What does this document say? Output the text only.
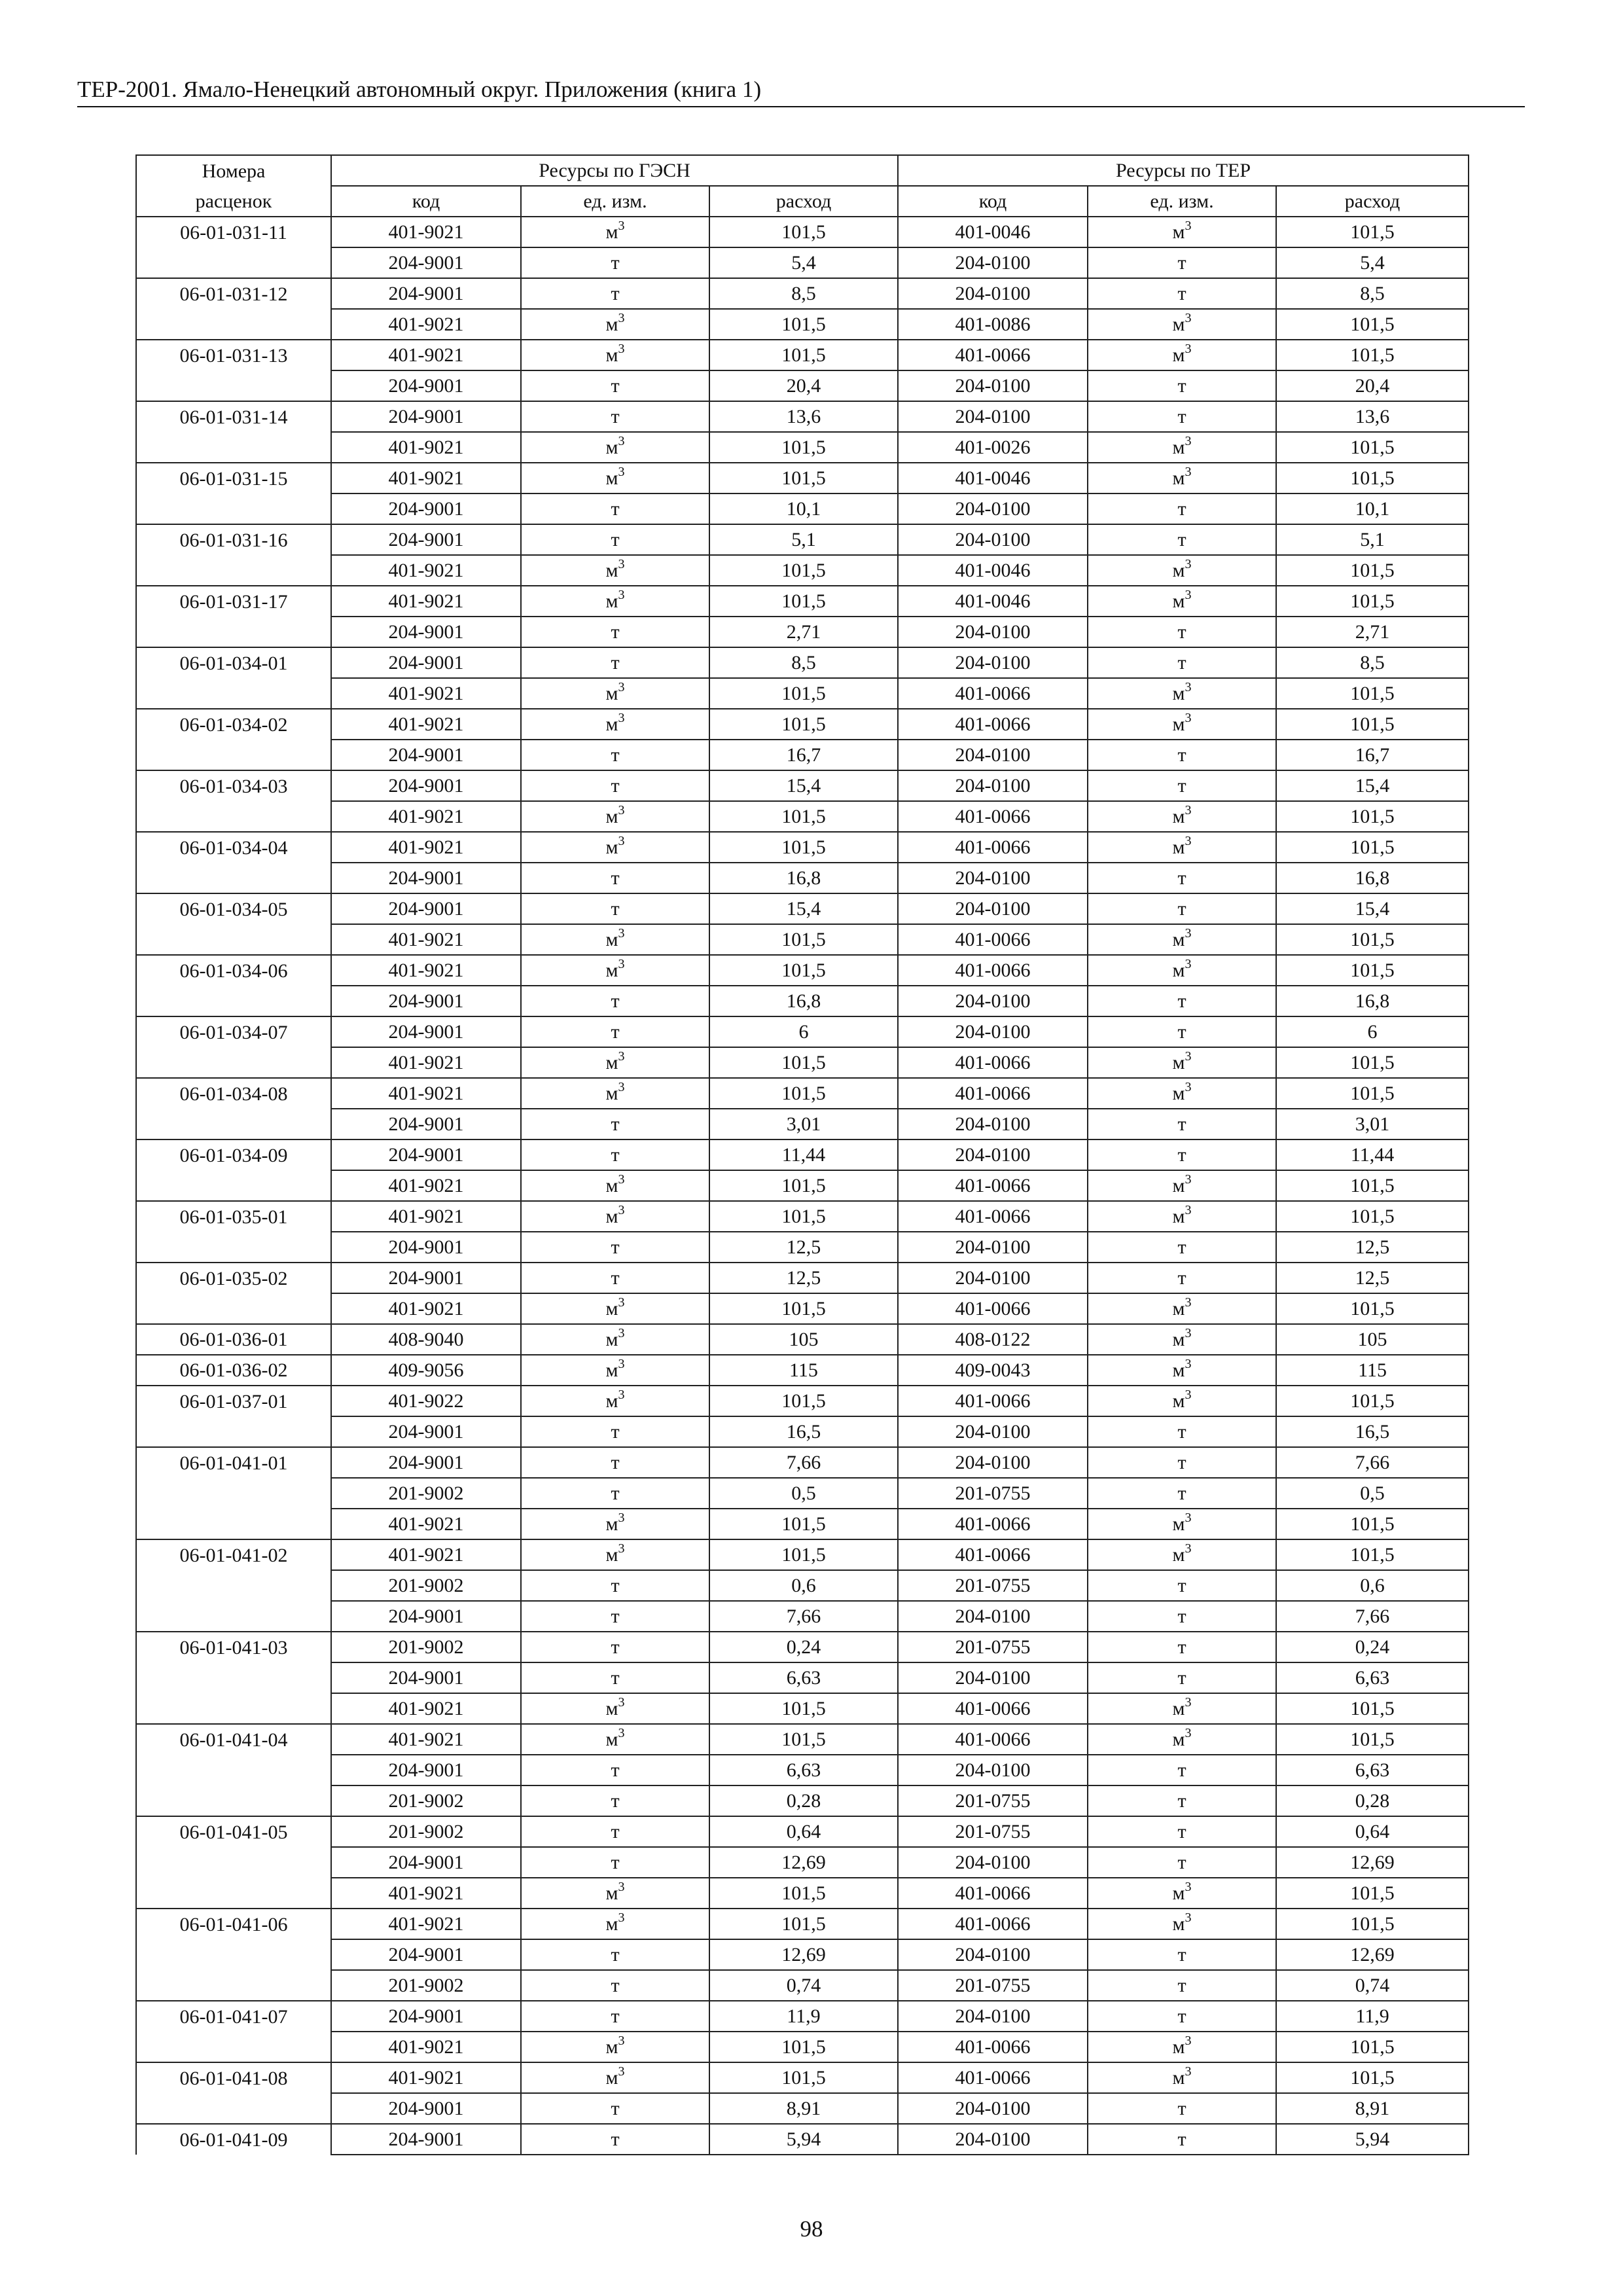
ТЕР-2001. Ямало-Ненецкий автономный округ. Приложения (книга 1)
Номера	Ресурсы по ГЭСН			Ресурсы по ТЕР		
расценок	код	ед. изм.	расход	код	ед. изм.	расход
06-01-031-11	401-9021	$м^3$	101,5	401-0046	$м^3$	101,5
	204-9001	т	5,4	204-0100	т	5,4
06-01-031-12	204-9001	т	8,5	204-0100	т	8,5
	401-9021	$м^3$	101,5	401-0086	$м^3$	101,5
06-01-031-13	401-9021	$м^3$	101,5	401-0066	$м^3$	101,5
	204-9001	т	20,4	204-0100	т	20,4
06-01-031-14	204-9001	т	13,6	204-0100	т	13,6
	401-9021	$м^3$	101,5	401-0026	$м^3$	101,5
06-01-031-15	401-9021	$м^3$	101,5	401-0046	$м^3$	101,5
	204-9001	т	10,1	204-0100	т	10,1
06-01-031-16	204-9001	т	5,1	204-0100	т	5,1
	401-9021	$м^3$	101,5	401-0046	$м^3$	101,5
06-01-031-17	401-9021	$м^3$	101,5	401-0046	$м^3$	101,5
	204-9001	т	2,71	204-0100	т	2,71
06-01-034-01	204-9001	т	8,5	204-0100	т	8,5
	401-9021	$м^3$	101,5	401-0066	$м^3$	101,5
06-01-034-02	401-9021	$м^3$	101,5	401-0066	$м^3$	101,5
	204-9001	т	16,7	204-0100	т	16,7
06-01-034-03	204-9001	т	15,4	204-0100	т	15,4
	401-9021	$м^3$	101,5	401-0066	$м^3$	101,5
06-01-034-04	401-9021	$м^3$	101,5	401-0066	$м^3$	101,5
	204-9001	т	16,8	204-0100	т	16,8
06-01-034-05	204-9001	т	15,4	204-0100	т	15,4
	401-9021	$м^3$	101,5	401-0066	$м^3$	101,5
06-01-034-06	401-9021	$м^3$	101,5	401-0066	$м^3$	101,5
	204-9001	т	16,8	204-0100	т	16,8
06-01-034-07	204-9001	т	6	204-0100	т	6
	401-9021	$м^3$	101,5	401-0066	$м^3$	101,5
06-01-034-08	401-9021	$м^3$	101,5	401-0066	$м^3$	101,5
	204-9001	т	3,01	204-0100	т	3,01
06-01-034-09	204-9001	т	11,44	204-0100	т	11,44
	401-9021	$м^3$	101,5	401-0066	$м^3$	101,5
06-01-035-01	401-9021	$м^3$	101,5	401-0066	$м^3$	101,5
	204-9001	т	12,5	204-0100	т	12,5
06-01-035-02	204-9001	т	12,5	204-0100	т	12,5
	401-9021	$м^3$	101,5	401-0066	$м^3$	101,5
06-01-036-01	408-9040	$м^3$	105	408-0122	$м^3$	105
06-01-036-02	409-9056	$м^3$	115	409-0043	$м^3$	115
06-01-037-01	401-9022	$м^3$	101,5	401-0066	$м^3$	101,5
	204-9001	т	16,5	204-0100	т	16,5
06-01-041-01	204-9001	т	7,66	204-0100	т	7,66
	201-9002	т	0,5	201-0755	т	0,5
	401-9021	$м^3$	101,5	401-0066	$м^3$	101,5
06-01-041-02	401-9021	$м^3$	101,5	401-0066	$м^3$	101,5
	201-9002	т	0,6	201-0755	т	0,6
	204-9001	т	7,66	204-0100	т	7,66
06-01-041-03	201-9002	т	0,24	201-0755	т	0,24
	204-9001	т	6,63	204-0100	т	6,63
	401-9021	$м^3$	101,5	401-0066	$м^3$	101,5
06-01-041-04	401-9021	$м^3$	101,5	401-0066	$м^3$	101,5
	204-9001	т	6,63	204-0100	т	6,63
	201-9002	т	0,28	201-0755	т	0,28
06-01-041-05	201-9002	т	0,64	201-0755	т	0,64
	204-9001	т	12,69	204-0100	т	12,69
	401-9021	$м^3$	101,5	401-0066	$м^3$	101,5
06-01-041-06	401-9021	$м^3$	101,5	401-0066	$м^3$	101,5
	204-9001	т	12,69	204-0100	т	12,69
	201-9002	т	0,74	201-0755	т	0,74
06-01-041-07	204-9001	т	11,9	204-0100	т	11,9
	401-9021	$м^3$	101,5	401-0066	$м^3$	101,5
06-01-041-08	401-9021	$м^3$	101,5	401-0066	$м^3$	101,5
	204-9001	т	8,91	204-0100	т	8,91
06-01-041-09	204-9001	т	5,94	204-0100	т	5,94
98
